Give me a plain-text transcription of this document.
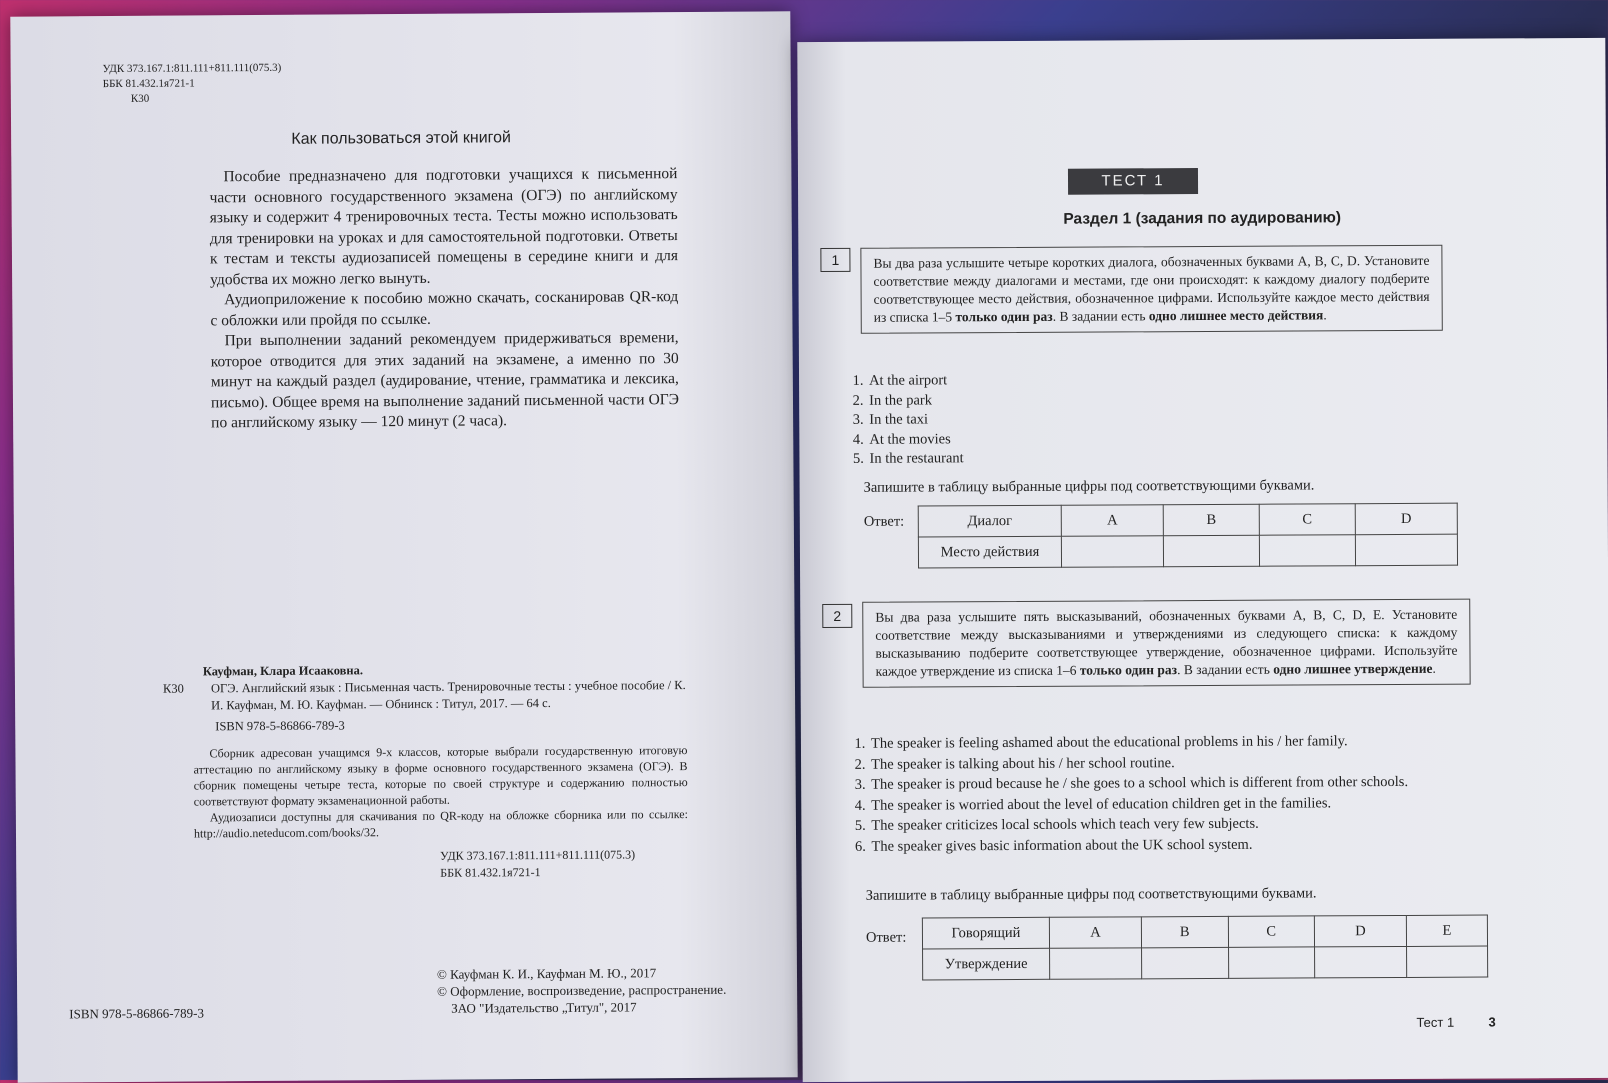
УДК 373.167.1:811.111+811.111(075.3)
ББК 81.432.1я721-1
К30
Как пользоваться этой книгой

Пособие предназначено для подготовки учащихся к письменной части основного государственного экзамена (ОГЭ) по английскому языку и содержит 4 тренировочных теста. Тесты можно использовать для тренировки на уроках и для самостоятельной подготовки. Ответы к тестам и тексты аудиозаписей помещены в середине книги и для удобства их можно легко вынуть.

Аудиоприложение к пособию можно скачать, сосканировав QR-код с обложки или пройдя по ссылке.

При выполнении заданий рекомендуем придерживаться времени, которое отводится для этих заданий на экзамене, а именно по 30 минут на каждый раздел (аудирование, чтение, грамматика и лексика, письмо). Общее время на выполнение заданий письменной части ОГЭ по английскому языку — 120 минут (2 часа).

Кауфман, Клара Исааковна.
К30	ОГЭ. Английский язык : Письменная часть. Тренировочные тесты : учебное пособие / К. И. Кауфман, М. Ю. Кауфман. — Обнинск : Титул, 2017. — 64 с.
ISBN 978-5-86866-789-3

Сборник адресован учащимся 9-х классов, которые выбрали государственную итоговую аттестацию по английскому языку в форме основного государственного экзамена (ОГЭ). В сборник помещены четыре теста, которые по своей структуре и содержанию полностью соответствуют формату экзаменационной работы.

Аудиозаписи доступны для скачивания по QR-коду на обложке сборника или по ссылке: http://audio.neteducom.com/books/32.

УДК 373.167.1:811.111+811.111(075.3)
ББК 81.432.1я721-1
© Кауфман К. И., Кауфман М. Ю., 2017
© Оформление, воспроизведение, распространение.
ЗАО "Издательство „Титул", 2017
ISBN 978-5-86866-789-3
ТЕСТ 1
Раздел 1 (задания по аудированию)
1	Вы два раза услышите четыре коротких диалога, обозначенных буквами A, B, C, D. Установите соответствие между диалогами и местами, где они происходят: к каждому диалогу подберите соответствующее место действия, обозначенное цифрами. Используйте каждое место действия из списка 1–5 только один раз. В задании есть одно лишнее место действия.
1. At the airport
2. In the park
3. In the taxi
4. At the movies
5. In the restaurant
Запишите в таблицу выбранные цифры под соответствующими буквами.
Ответ:	Диалог	A	B	C	D
Место действия				
2	Вы два раза услышите пять высказываний, обозначенных буквами A, B, C, D, E. Установите соответствие между высказываниями и утверждениями из следующего списка: к каждому высказыванию подберите соответствующее утверждение, обозначенное цифрами. Используйте каждое утверждение из списка 1–6 только один раз. В задании есть одно лишнее утверждение.
1. The speaker is feeling ashamed about the educational problems in his / her family.
2. The speaker is talking about his / her school routine.
3. The speaker is proud because he / she goes to a school which is different from other schools.
4. The speaker is worried about the level of education children get in the families.
5. The speaker criticizes local schools which teach very few subjects.
6. The speaker gives basic information about the UK school system.
Запишите в таблицу выбранные цифры под соответствующими буквами.
Ответ:	Говорящий	A	B	C	D	E
Утверждение					
Тест 1	3
